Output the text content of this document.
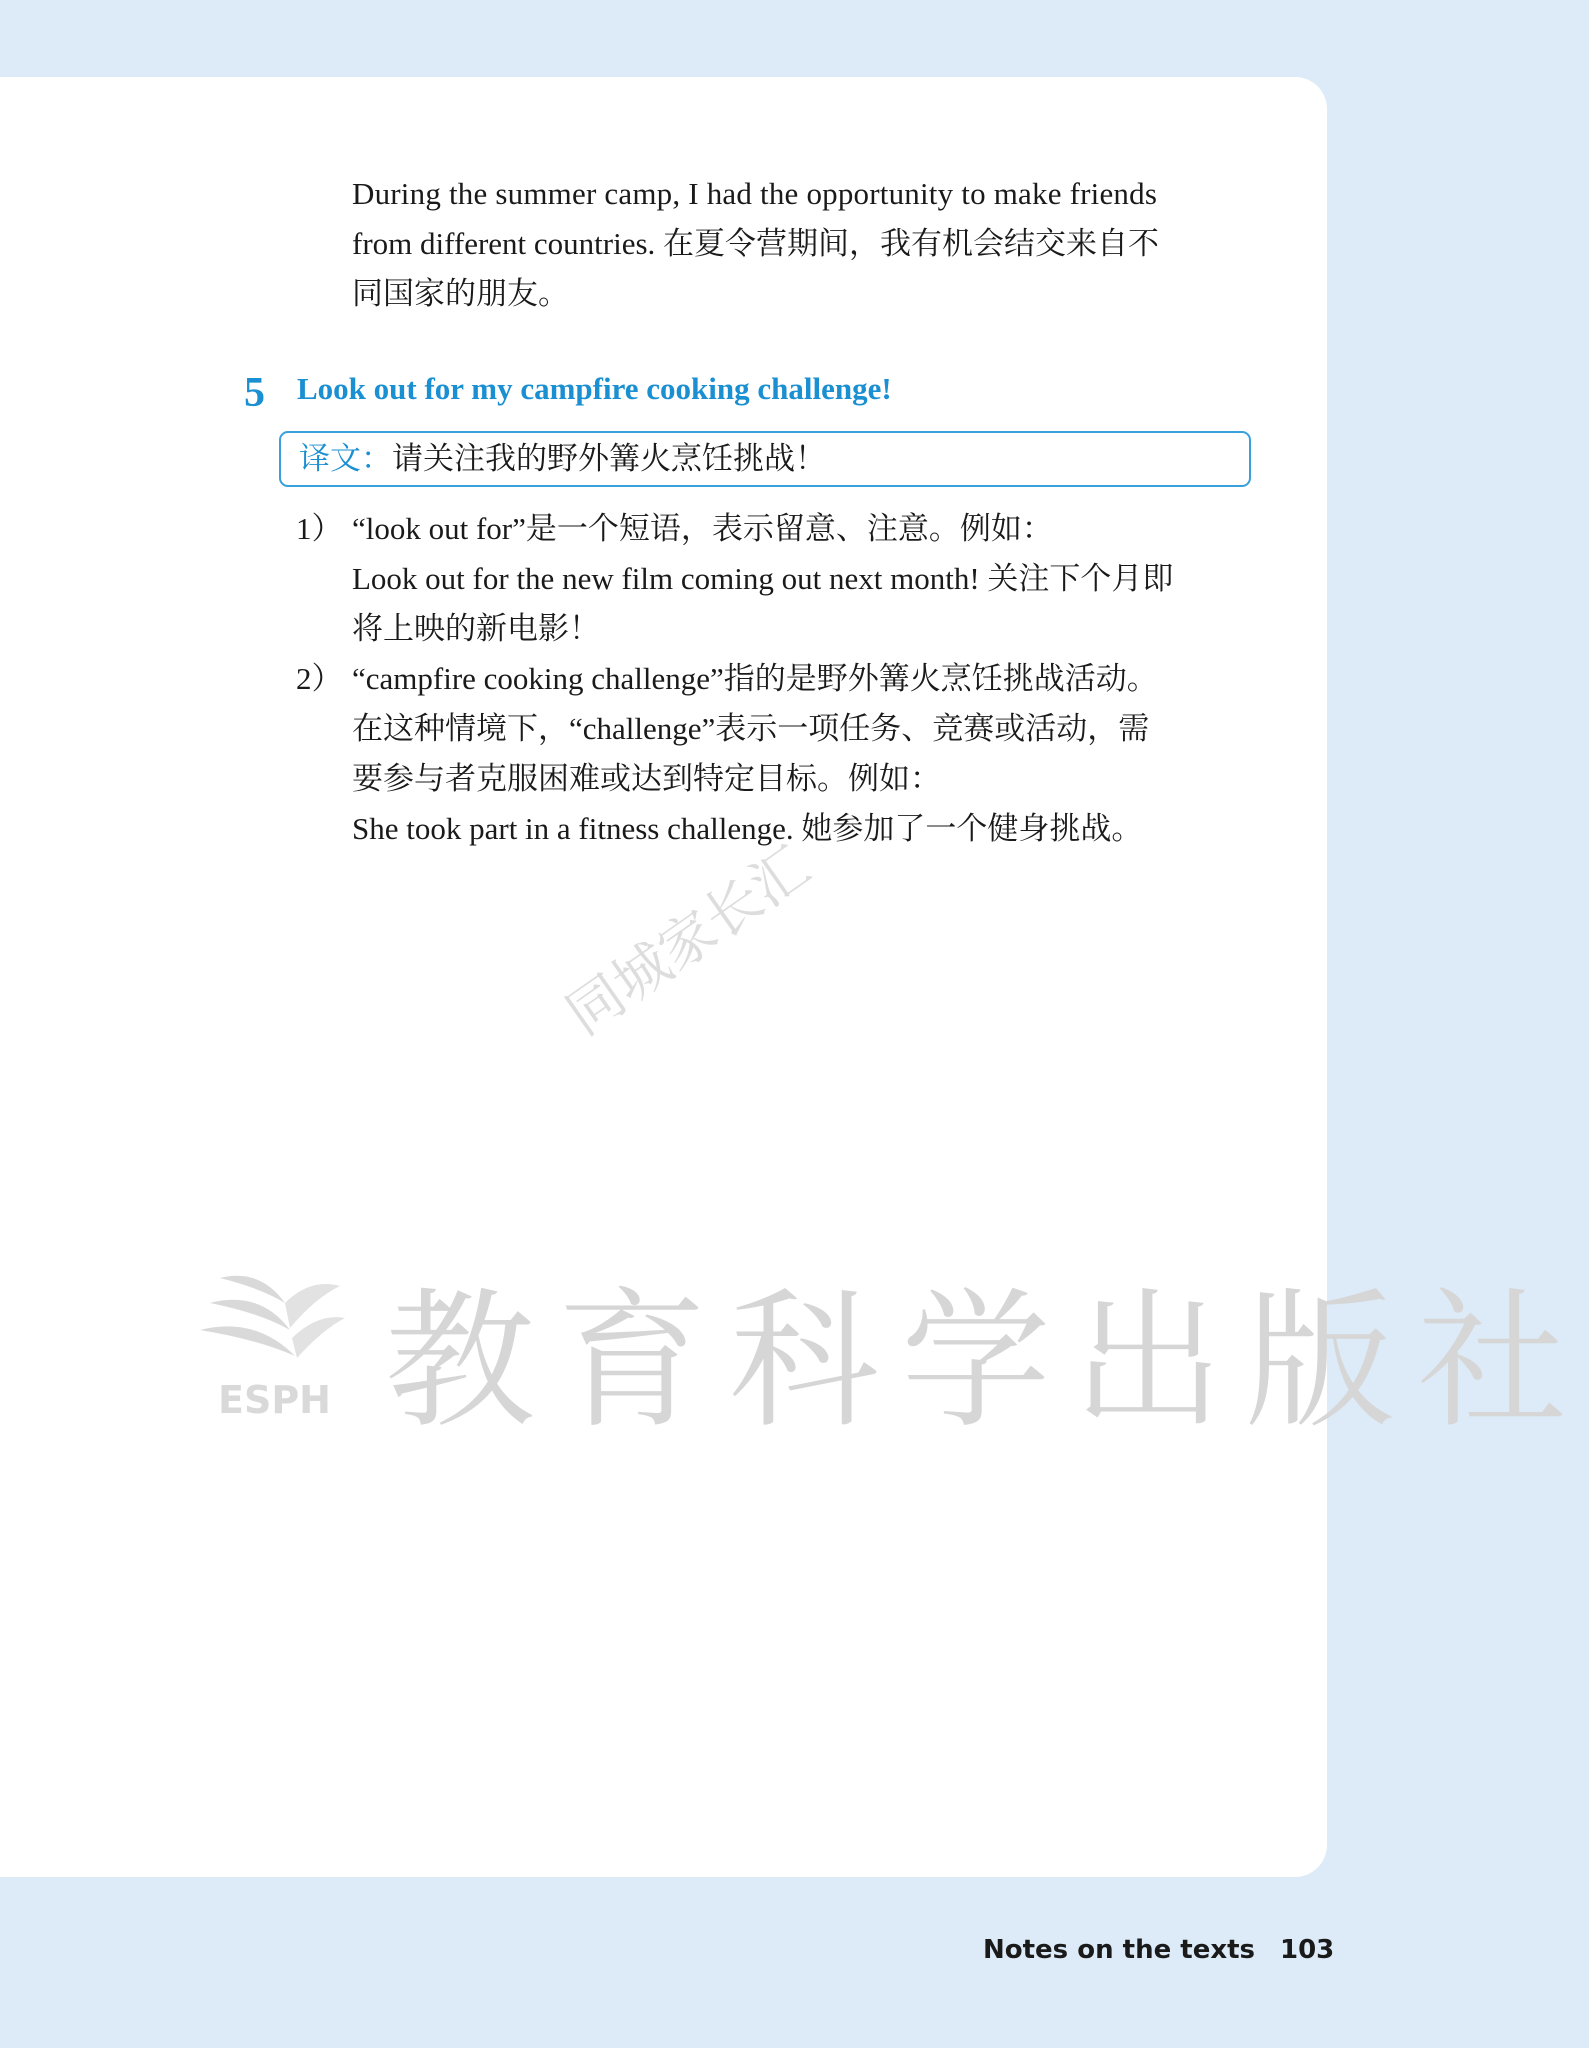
During the summer camp, I had the opportunity to make friends

from different countries. 在夏令营期间，我有机会结交来自不

同国家的朋友。

5 Look out for my campfire cooking challenge!
译文：请关注我的野外篝火烹饪挑战！
1） “look out for”是一个短语，表示留意、注意。例如：

Look out for the new film coming out next month! 关注下个月即

将上映的新电影！

2） “campfire cooking challenge”指的是野外篝火烹饪挑战活动。

在这种情境下，“challenge”表示一项任务、竞赛或活动，需

要参与者克服困难或达到特定目标。例如：

She took part in a fitness challenge. 她参加了一个健身挑战。

同城家长汇
ESPH 教育科学出版社
Notes on the texts 103
